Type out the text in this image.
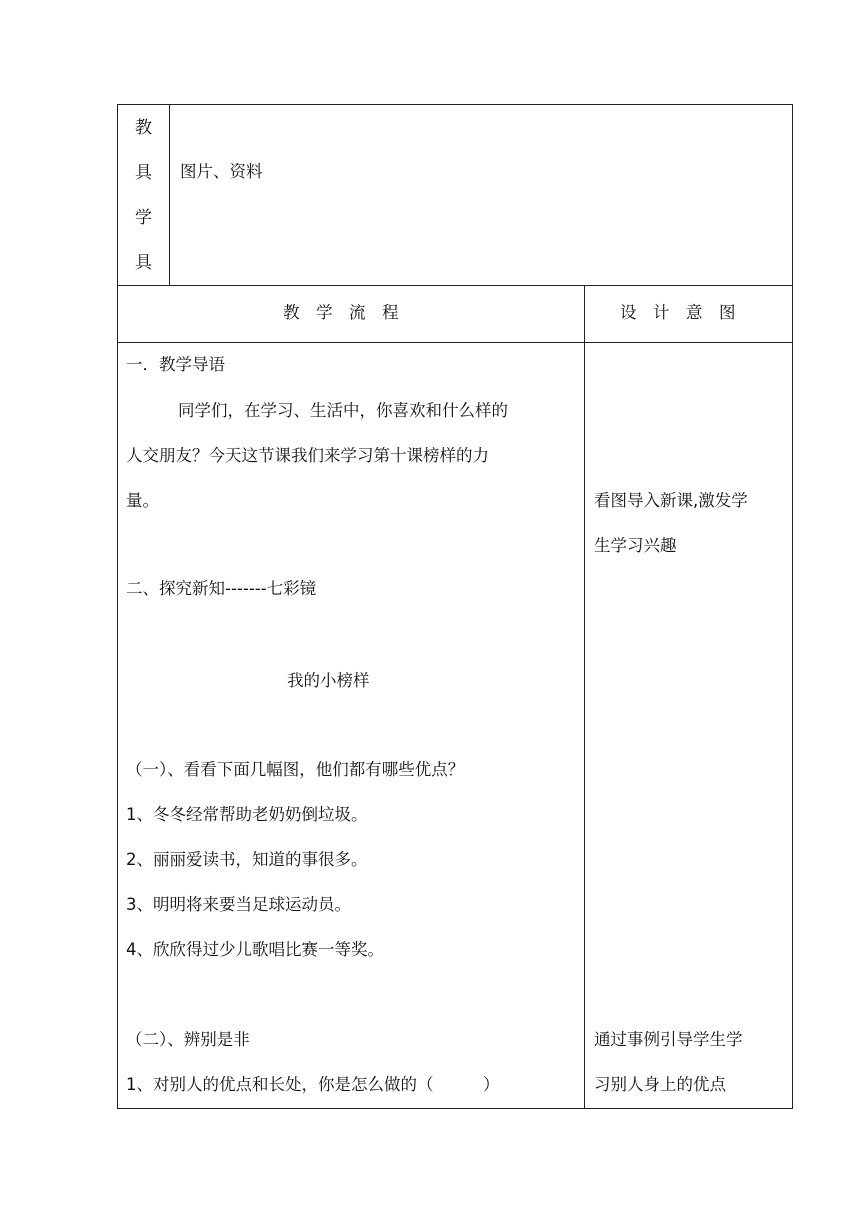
教
具
学
具
图片、资料
教　学　流　程	设　计　意　图
一．教学导语
同学们，在学习、生活中，你喜欢和什么样的
人交朋友？今天这节课我们来学习第十课榜样的力
量。
二、探究新知-------七彩镜
我的小榜样
（一）、看看下面几幅图，他们都有哪些优点？
1、冬冬经常帮助老奶奶倒垃圾。
2、丽丽爱读书，知道的事很多。
3、明明将来要当足球运动员。
4、欣欣得过少儿歌唱比赛一等奖。
（二）、辨别是非
1、对别人的优点和长处，你是怎么做的（　　　）
看图导入新课,激发学
生学习兴趣
通过事例引导学生学
习别人身上的优点
